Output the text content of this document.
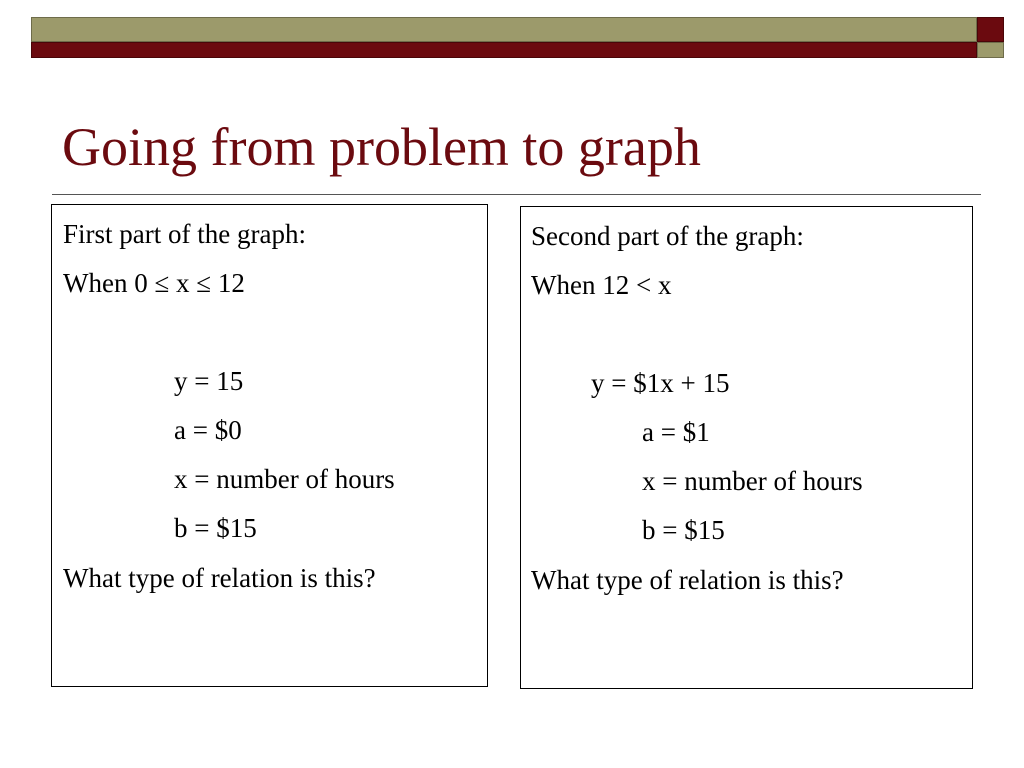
Going from problem to graph
First part of the graph:
When 0 ≤ x ≤ 12
y = 15
a = $0
x = number of hours
b = $15
What type of relation is this?
Second part of the graph:
When 12 < x
y = $1x + 15
a = $1
x = number of hours
b = $15
What type of relation is this?
